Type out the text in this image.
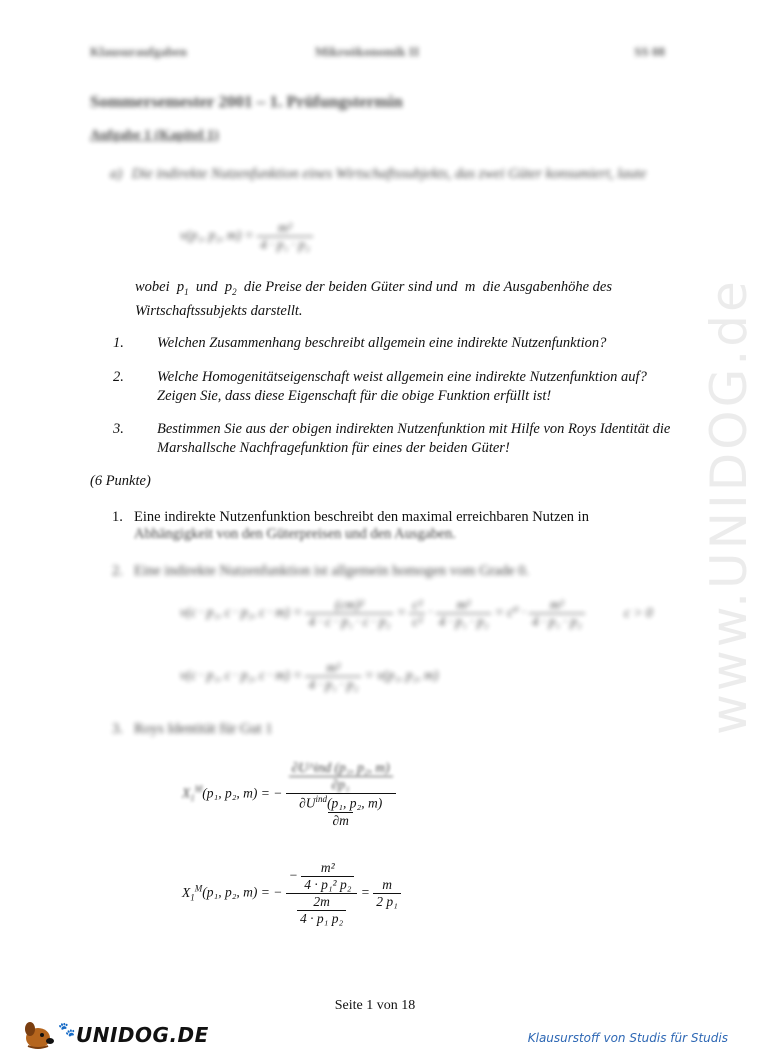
www.UNIDOG.de
Klausuraufgaben	Mikroökonomik II	SS 08
Sommersemester 2001 – 1. Prüfungstermin
Aufgabe 1 (Kapitel 1)
a) Die indirekte Nutzenfunktion eines Wirtschaftssubjekts, das zwei Güter konsumiert, laute
v(p₁, p₂, $m) = \frac{\text{m²}}{\text{4 · p₁ · p₂}}$
wobei  $p_1$ und  $p_2$ die Preise der beiden Güter sind und  m  die Ausgabenhöhe des
Wirtschaftssubjekts darstellt.
1. Welchen Zusammenhang beschreibt allgemein eine indirekte Nutzenfunktion?
2. Welche Homogenitätseigenschaft weist allgemein eine indirekte Nutzenfunktion auf? Zeigen Sie, dass diese Eigenschaft für die obige Funktion erfüllt ist!
3. Bestimmen Sie aus der obigen indirekten Nutzenfunktion mit Hilfe von Roys Identität die Marshallsche Nachfragefunktion für eines der beiden Güter!
(6 Punkte)
1. Eine indirekte Nutzenfunktion beschreibt den maximal erreichbaren Nutzen in
Abhängigkeit von den Güterpreisen und den Ausgaben.
2. Eine indirekte Nutzenfunktion ist allgemein homogen vom Grade 0.
v(c · p₁, c · p₂, $c \cdot m) = \frac{\text{(cm)²}}{\text{4 · c · p₁ · c · p₂}} = \frac{\text{c²}}{\text{c²}} \cdot \frac{\text{m²}}{\text{4 · p₁ · p₂}} = c^0 \cdot \frac{\text{m²}}{\text{4 · p₁ · p₂}}$	c > 0
v(c · p₁, c · p₂, $c \cdot m) = \frac{\text{m²}}{\text{4 · p₁ · p₂}} = v(p_1$, p₂, m)
3. Roys Identität für Gut 1
$X_1^M(p_1$, p₂, m) = − $\frac{\text{∂U\textasciicircum{}ind (p₁, p₂, m)}}{\text{∂p₁}}$
$\partial U^{ind}(p_1$, p₂, m)
∂m
$X_1^M(p_1$, p₂, m) = − $\frac{- \frac{\text{m²}}{\text{4 · p₁² p₂}}}{\frac{2m}{\text{4 · p₁ p₂}}} = \frac{m}{\text{2 p₁}}$
Seite 1 von 18
🐾 UNIDOG.DE	Klausurstoff von Studis für Studis
